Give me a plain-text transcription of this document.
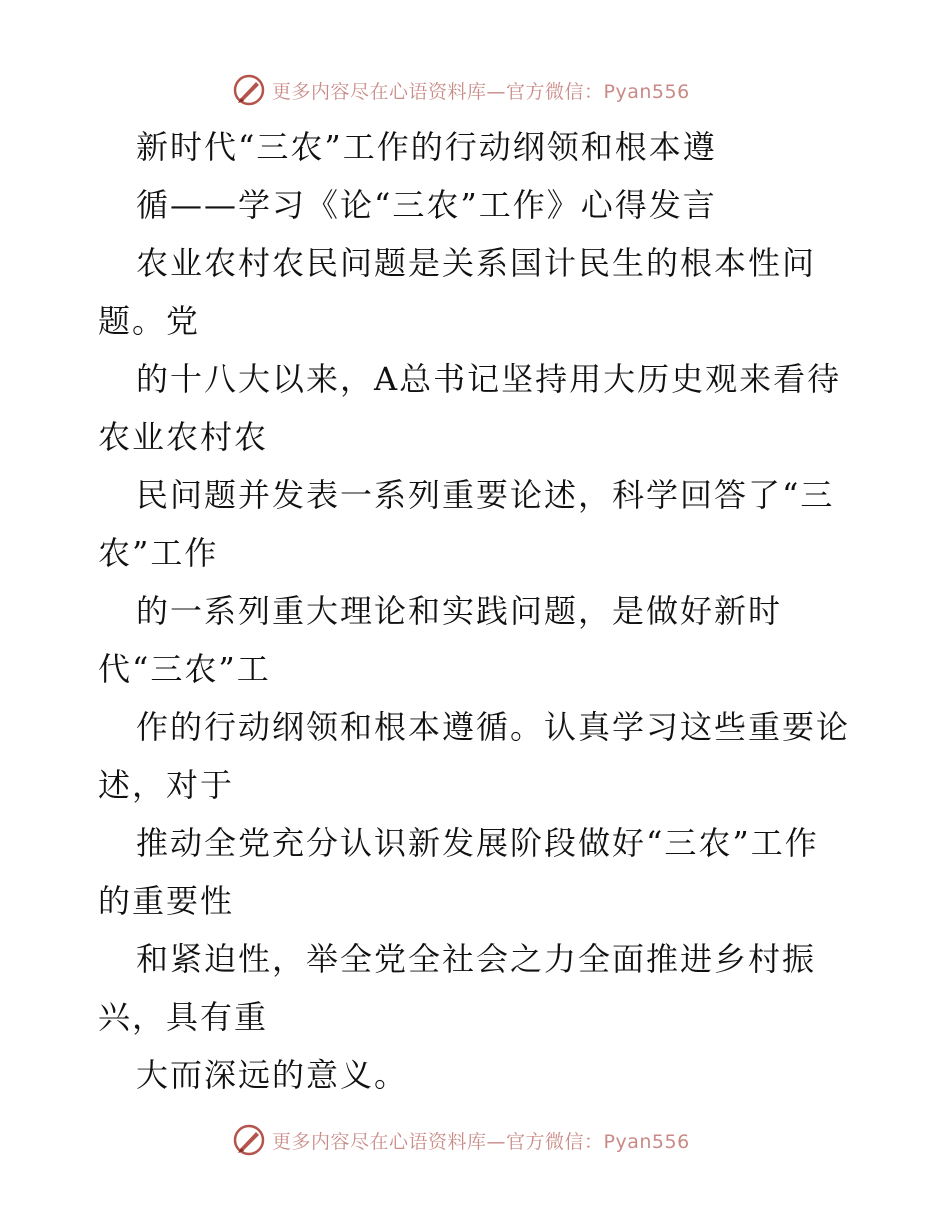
更多内容尽在心语资料库—官方微信：Pyan556
新时代“三农”工作的行动纲领和根本遵
循——学习《论“三农”工作》心得发言
农业农村农民问题是关系国计民生的根本性问
题。党
的十八大以来，A总书记坚持用大历史观来看待
农业农村农
民问题并发表一系列重要论述，科学回答了“三
农”工作
的一系列重大理论和实践问题，是做好新时
代“三农”工
作的行动纲领和根本遵循。认真学习这些重要论
述，对于
推动全党充分认识新发展阶段做好“三农”工作
的重要性
和紧迫性，举全党全社会之力全面推进乡村振
兴，具有重
大而深远的意义。
更多内容尽在心语资料库—官方微信：Pyan556
